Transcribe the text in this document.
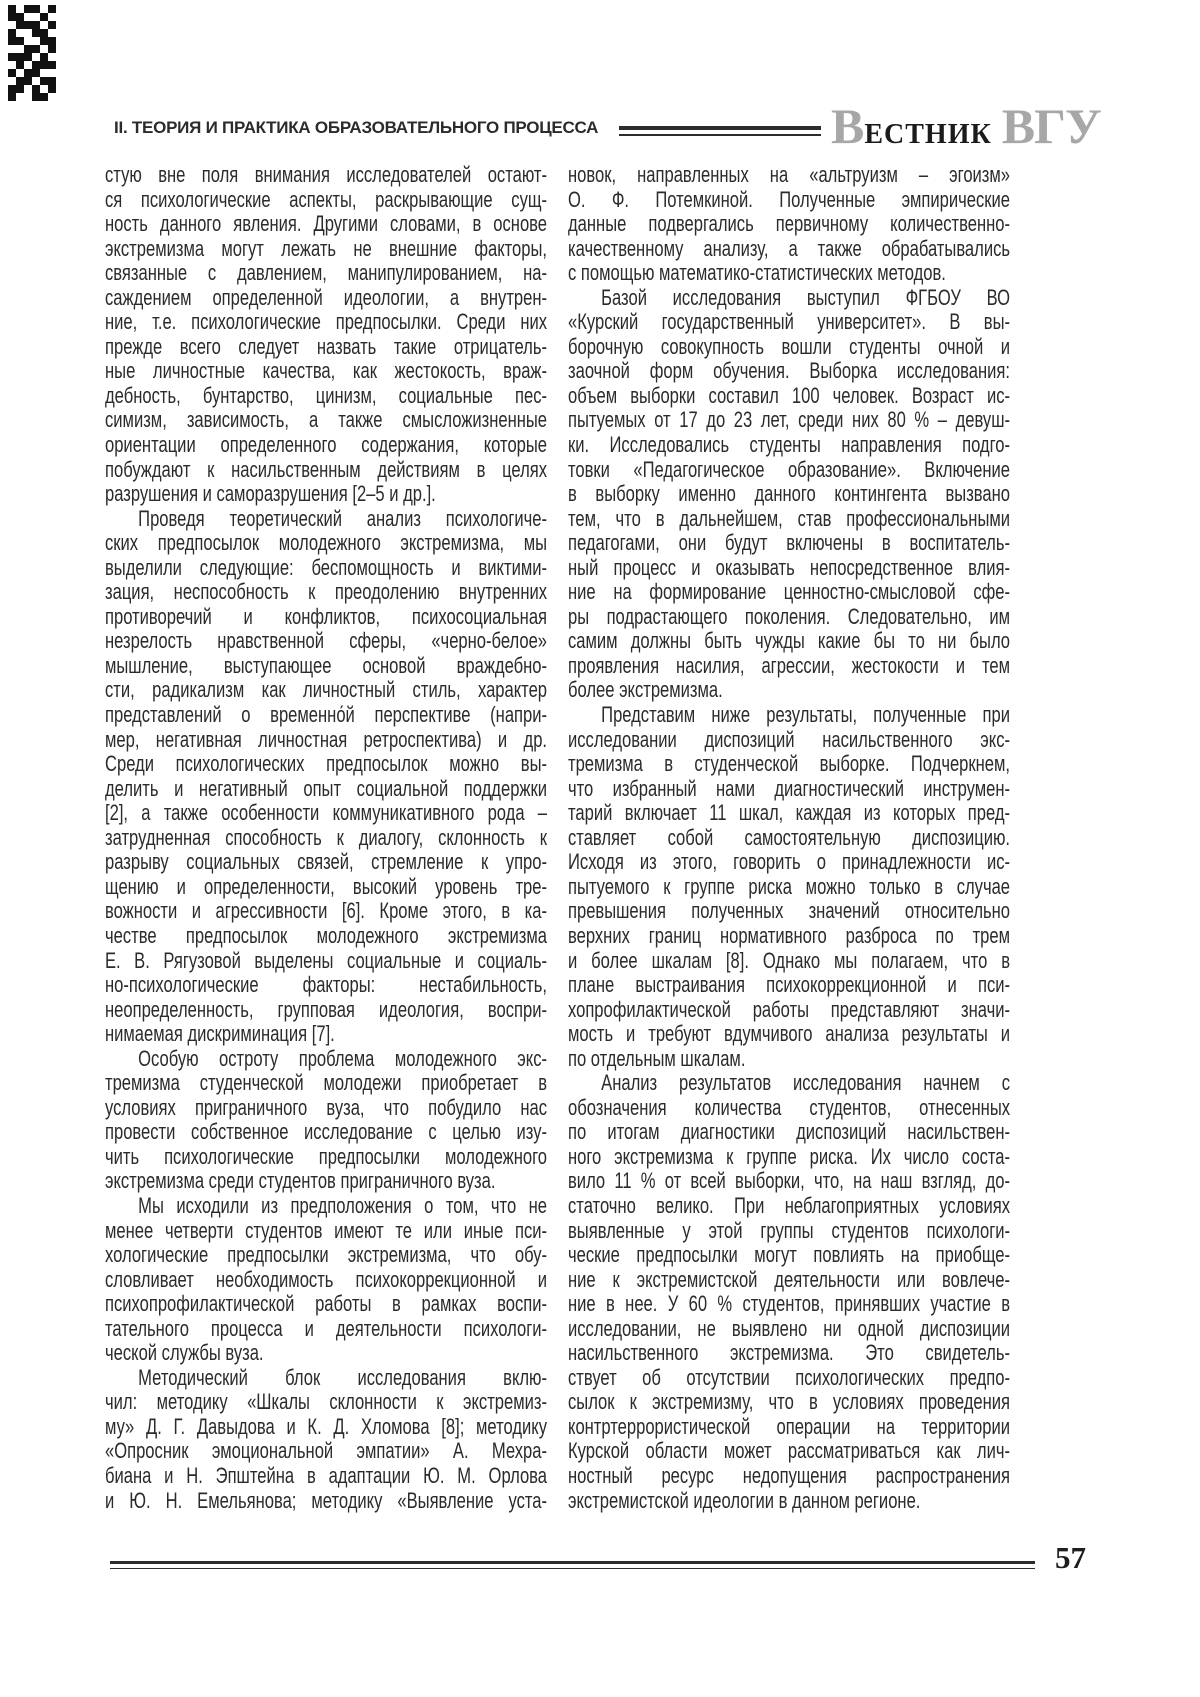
II. ТЕОРИЯ И ПРАКТИКА ОБРАЗОВАТЕЛЬНОГО ПРОЦЕССА	ВЕСТНИК ВГУ
стую вне поля внимания исследователей остают-
ся психологические аспекты, раскрывающие сущ-
ность данного явления. Другими словами, в основе
экстремизма могут лежать не внешние факторы,
связанные с давлением, манипулированием, на-
саждением определенной идеологии, а внутрен-
ние, т.е. психологические предпосылки. Среди них
прежде всего следует назвать такие отрицатель-
ные личностные качества, как жестокость, враж-
дебность, бунтарство, цинизм, социальные пес-
симизм, зависимость, а также смысложизненные
ориентации определенного содержания, которые
побуждают к насильственным действиям в целях
разрушения и саморазрушения [2–5 и др.].
Проведя теоретический анализ психологиче-
ских предпосылок молодежного экстремизма, мы
выделили следующие: беспомощность и виктими-
зация, неспособность к преодолению внутренних
противоречий и конфликтов, психосоциальная
незрелость нравственной сферы, «черно-белое»
мышление, выступающее основой враждебно-
сти, радикализм как личностный стиль, характер
представлений о временно́й перспективе (напри-
мер, негативная личностная ретроспектива) и др.
Среди психологических предпосылок можно вы-
делить и негативный опыт социальной поддержки
[2], а также особенности коммуникативного рода –
затрудненная способность к диалогу, склонность к
разрыву социальных связей, стремление к упро-
щению и определенности, высокий уровень тре-
вожности и агрессивности [6]. Кроме этого, в ка-
честве предпосылок молодежного экстремизма
Е. В. Рягузовой выделены социальные и социаль-
но-психологические факторы: нестабильность,
неопределенность, групповая идеология, воспри-
нимаемая дискриминация [7].
Особую остроту проблема молодежного экс-
тремизма студенческой молодежи приобретает в
условиях приграничного вуза, что побудило нас
провести собственное исследование с целью изу-
чить психологические предпосылки молодежного
экстремизма среди студентов приграничного вуза.
Мы исходили из предположения о том, что не
менее четверти студентов имеют те или иные пси-
хологические предпосылки экстремизма, что обу-
словливает необходимость психокоррекционной и
психопрофилактической работы в рамках воспи-
тательного процесса и деятельности психологи-
ческой службы вуза.
Методический блок исследования вклю-
чил: методику «Шкалы склонности к экстремиз-
му» Д. Г. Давыдова и К. Д. Хломова [8]; методику
«Опросник эмоциональной эмпатии» А. Мехра-
биана и Н. Эпштейна в адаптации Ю. М. Орлова
и Ю. Н. Емельянова; методику «Выявление уста-
новок, направленных на «альтруизм – эгоизм»
О. Ф. Потемкиной. Полученные эмпирические
данные подвергались первичному количественно-
качественному анализу, а также обрабатывались
с помощью математико-статистических методов.
Базой исследования выступил ФГБОУ ВО
«Курский государственный университет». В вы-
борочную совокупность вошли студенты очной и
заочной форм обучения. Выборка исследования:
объем выборки составил 100 человек. Возраст ис-
пытуемых от 17 до 23 лет, среди них 80 % – девуш-
ки. Исследовались студенты направления подго-
товки «Педагогическое образование». Включение
в выборку именно данного контингента вызвано
тем, что в дальнейшем, став профессиональными
педагогами, они будут включены в воспитатель-
ный процесс и оказывать непосредственное влия-
ние на формирование ценностно-смысловой сфе-
ры подрастающего поколения. Следовательно, им
самим должны быть чужды какие бы то ни было
проявления насилия, агрессии, жестокости и тем
более экстремизма.
Представим ниже результаты, полученные при
исследовании диспозиций насильственного экс-
тремизма в студенческой выборке. Подчеркнем,
что избранный нами диагностический инструмен-
тарий включает 11 шкал, каждая из которых пред-
ставляет собой самостоятельную диспозицию.
Исходя из этого, говорить о принадлежности ис-
пытуемого к группе риска можно только в случае
превышения полученных значений относительно
верхних границ нормативного разброса по трем
и более шкалам [8]. Однако мы полагаем, что в
плане выстраивания психокоррекционной и пси-
хопрофилактической работы представляют значи-
мость и требуют вдумчивого анализа результаты и
по отдельным шкалам.
Анализ результатов исследования начнем с
обозначения количества студентов, отнесенных
по итогам диагностики диспозиций насильствен-
ного экстремизма к группе риска. Их число соста-
вило 11 % от всей выборки, что, на наш взгляд, до-
статочно велико. При неблагоприятных условиях
выявленные у этой группы студентов психологи-
ческие предпосылки могут повлиять на приобще-
ние к экстремистской деятельности или вовлече-
ние в нее. У 60 % студентов, принявших участие в
исследовании, не выявлено ни одной диспозиции
насильственного экстремизма. Это свидетель-
ствует об отсутствии психологических предпо-
сылок к экстремизму, что в условиях проведения
контртеррористической операции на территории
Курской области может рассматриваться как лич-
ностный ресурс недопущения распространения
экстремистской идеологии в данном регионе.
57
